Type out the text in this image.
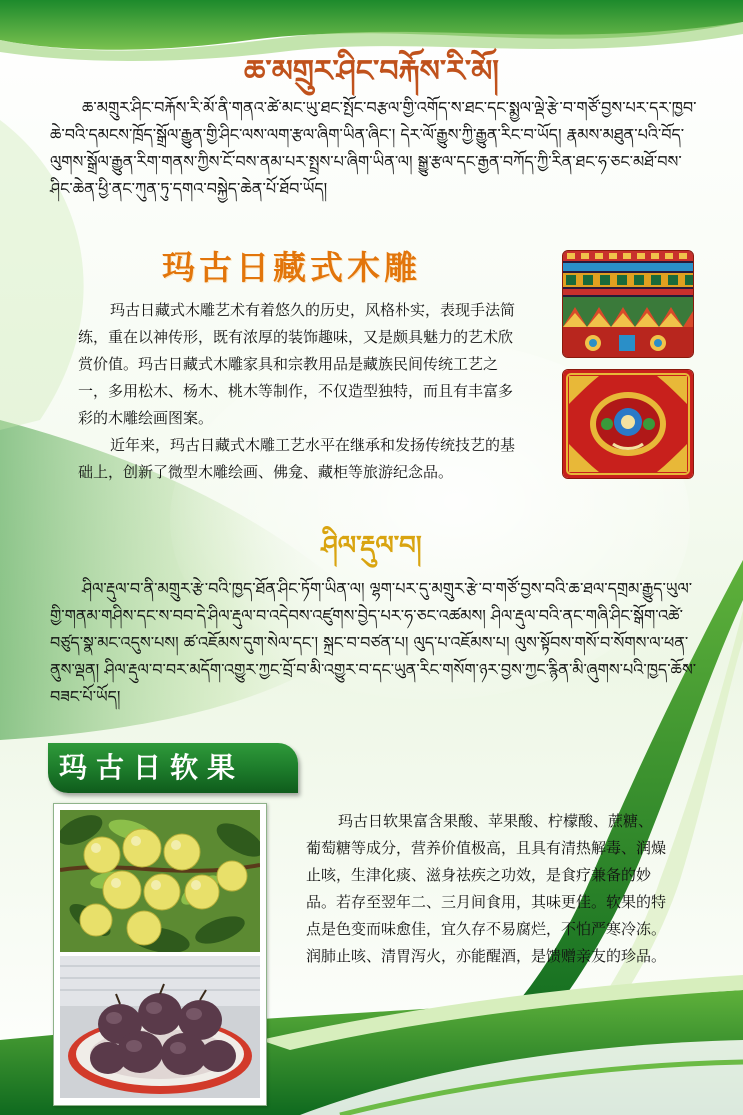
ཆ་མགྲུར་ཤིང་བརྐོས་རི་མོ།
ཆ་མགྲུར་ཤིང་བརྐོས་རི་མོ་ནི་གནའ་ཚེ་མང་ཡུ་ཐང་སྤོང་བརྩལ་གྱི་འགོད་ས་ཐང་དང་སྨྱལ་ལྡེ་རྩེ་བ་གཙོ་བྱས་པར་དར་ཁྱབ་ཆེ་བའི་དམངས་ཁྲོད་སྒྲོལ་རྒྱུན་གྱི་ཤིང་ལས་ལག་རྩལ་ཞིག་ཡིན་ཞིང་། དེར་ལོ་རྒྱུས་ཀྱི་རྒྱུན་རིང་བ་ཡོད། རྣམས་མཐུན་པའི་བོད་ལུགས་སྒྲོལ་རྒྱུན་རིག་གནས་ཀྱིས་ངོ་བས་ནམ་པར་སྤྲས་པ་ཞིག་ཡིན་ལ། སྒྱུ་རྩལ་དང་རྒྱན་བཀོད་ཀྱི་རིན་ཐང་ཧ་ཅང་མཐོ་བས་ཤིང་ཆེན་ཕྱི་ནང་ཀུན་ཏུ་དགའ་བསྐྱེད་ཆེན་པོ་ཐོབ་ཡོད།
玛古日藏式木雕

玛古日藏式木雕艺术有着悠久的历史，风格朴实，表现手法简练，重在以神传形，既有浓厚的装饰趣味，又是颇具魅力的艺术欣赏价值。玛古日藏式木雕家具和宗教用品是藏族民间传统工艺之一，多用松木、杨木、桃木等制作，不仅造型独特，而且有丰富多彩的木雕绘画图案。

近年来，玛古日藏式木雕工艺水平在继承和发扬传统技艺的基础上，创新了微型木雕绘画、佛龛、藏柜等旅游纪念品。

ཤིལ་རྡུལ་བ།
ཤིལ་རྡུལ་བ་ནི་མགྲུར་རྩེ་བའི་ཁྱད་ཐོན་ཤིང་ཏོག་ཡིན་ལ། ལྷག་པར་དུ་མགྲུར་རྩེ་བ་གཙོ་བྱས་བའི་ཆ་ཐལ་དགྲམ་རྒྱུད་ཡུལ་གྱི་གནམ་གཤིས་དང་ས་བབ་དེ་ཤིལ་རྡུལ་བ་འདེབས་འཛུགས་བྱེད་པར་ཧ་ཅང་འཚམས། ཤིལ་རྡུལ་བའི་ནང་གཞི་ཤིང་སྒོག་འཚེ་བཙུད་སྣ་མང་འདུས་པས། ཚ་འཇོམས་དུག་སེལ་དང་། སྐྲང་བ་བཙན་པ། ལུད་པ་འཇོམས་པ། ལུས་སྟོབས་གསོ་བ་སོགས་ལ་ཕན་ནུས་ལྡན། ཤིལ་རྡུལ་བ་བར་མདོག་འགྱུར་ཀྱང་བྲོ་བ་མི་འགྱུར་བ་དང་ཡུན་རིང་གསོག་ཉར་བྱས་ཀྱང་རྙིན་མི་ཞུགས་པའི་ཁྱད་ཆོས་བཟང་པོ་ཡོད།
玛古日软果

玛古日软果富含果酸、苹果酸、柠檬酸、蔗糖、葡萄糖等成分，营养价值极高，且具有清热解毒、润燥止咳，生津化痰、滋身祛疾之功效，是食疗兼备的妙品。若存至翌年二、三月间食用，其味更佳。软果的特点是色变而味愈佳，宜久存不易腐烂，不怕严寒冷冻。润肺止咳、清胃泻火，亦能醒酒，是馈赠亲友的珍品。
